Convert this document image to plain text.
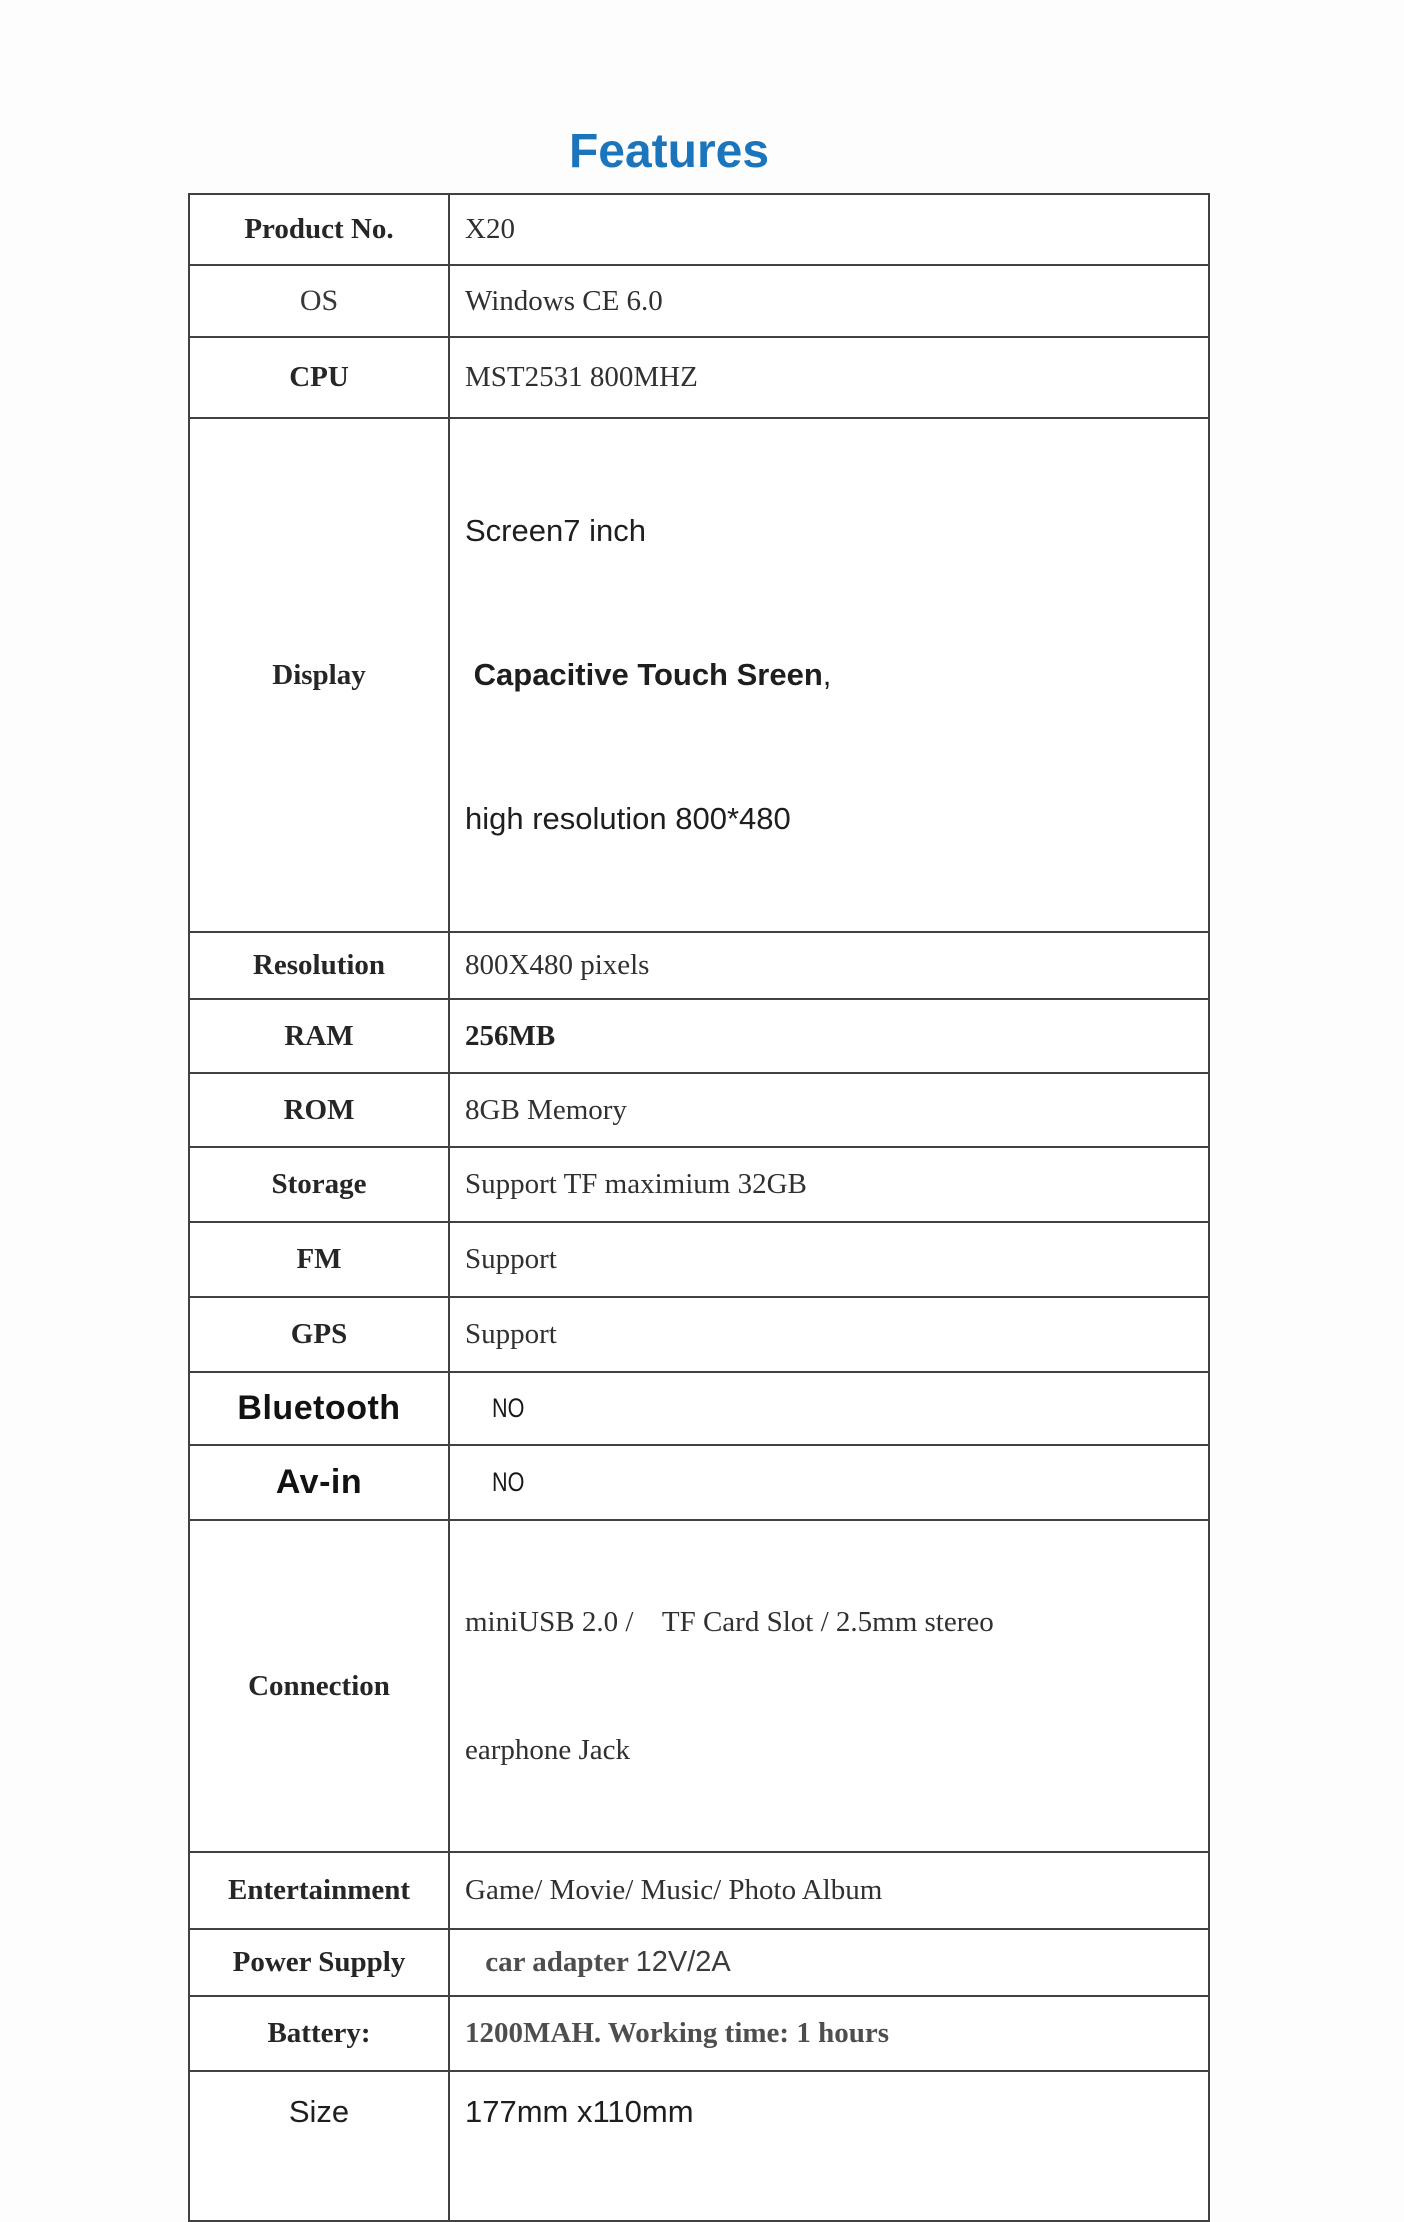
Features
Product No.	X20
OS	Windows CE 6.0
CPU	MST2531 800MHZ
Display	Screen7 inch

Capacitive Touch Sreen,

high resolution 800*480

Resolution	800X480 pixels
RAM	256MB
ROM	8GB Memory
Storage	Support TF maximium 32GB
FM	Support
GPS	Support
Bluetooth	NO
Av-in	NO
Connection	miniUSB 2.0 /    TF Card Slot / 2.5mm stereo

earphone Jack

Entertainment	Game/ Movie/ Music/ Photo Album
Power Supply	car adapter 12V/2A
Battery:	1200MAH. Working time: 1 hours
Size	177mm x110mm
